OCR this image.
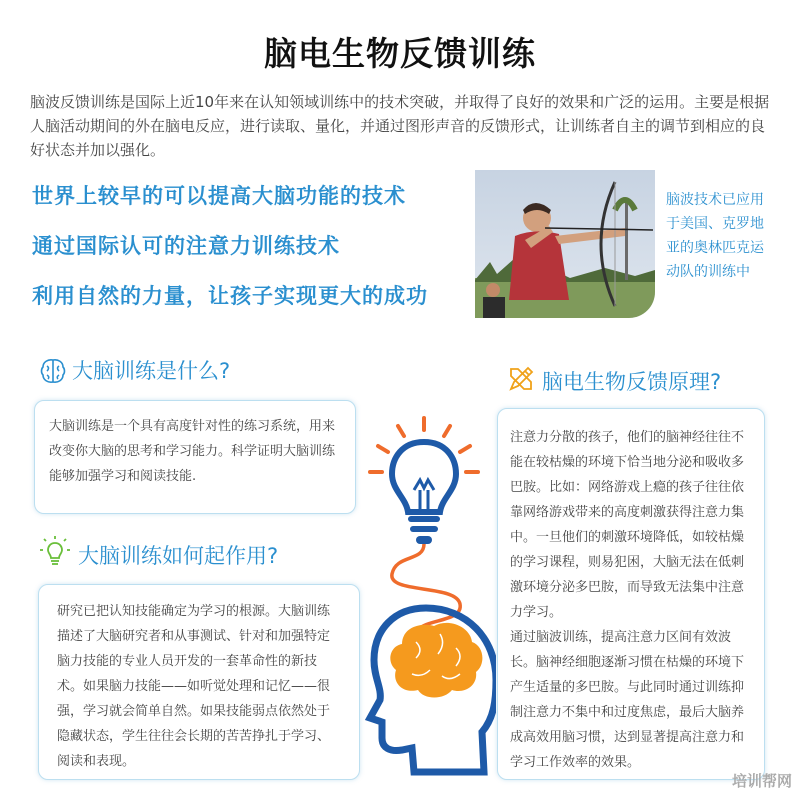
脑电生物反馈训练
脑波反馈训练是国际上近10年来在认知领域训练中的技术突破，并取得了良好的效果和广泛的运用。主要是根据人脑活动期间的外在脑电反应，进行读取、量化，并通过图形声音的反馈形式，让训练者自主的调节到相应的良好状态并加以强化。
世界上较早的可以提高大脑功能的技术
通过国际认可的注意力训练技术
利用自然的力量，让孩子实现更大的成功
脑波技术已应用于美国、克罗地亚的奥林匹克运动队的训练中
大脑训练是什么?

大脑训练是一个具有高度针对性的练习系统，用来改变你大脑的思考和学习能力。科学证明大脑训练能够加强学习和阅读技能.

大脑训练如何起作用?

研究已把认知技能确定为学习的根源。大脑训练描述了大脑研究者和从事测试、针对和加强特定脑力技能的专业人员开发的一套革命性的新技术。如果脑力技能——如听觉处理和记忆——很强，学习就会简单自然。如果技能弱点依然处于隐藏状态，学生往往会长期的苦苦挣扎于学习、阅读和表现。

脑电生物反馈原理?

注意力分散的孩子，他们的脑神经往往不能在较枯燥的环境下恰当地分泌和吸收多巴胺。比如：网络游戏上瘾的孩子往往依靠网络游戏带来的高度刺激获得注意力集中。一旦他们的刺激环境降低，如较枯燥的学习课程，则易犯困，大脑无法在低刺激环境分泌多巴胺，而导致无法集中注意力学习。

通过脑波训练，提高注意力区间有效波长。脑神经细胞逐渐习惯在枯燥的环境下产生适量的多巴胺。与此同时通过训练抑制注意力不集中和过度焦虑，最后大脑养成高效用脑习惯，达到显著提高注意力和学习工作效率的效果。

培训帮网
